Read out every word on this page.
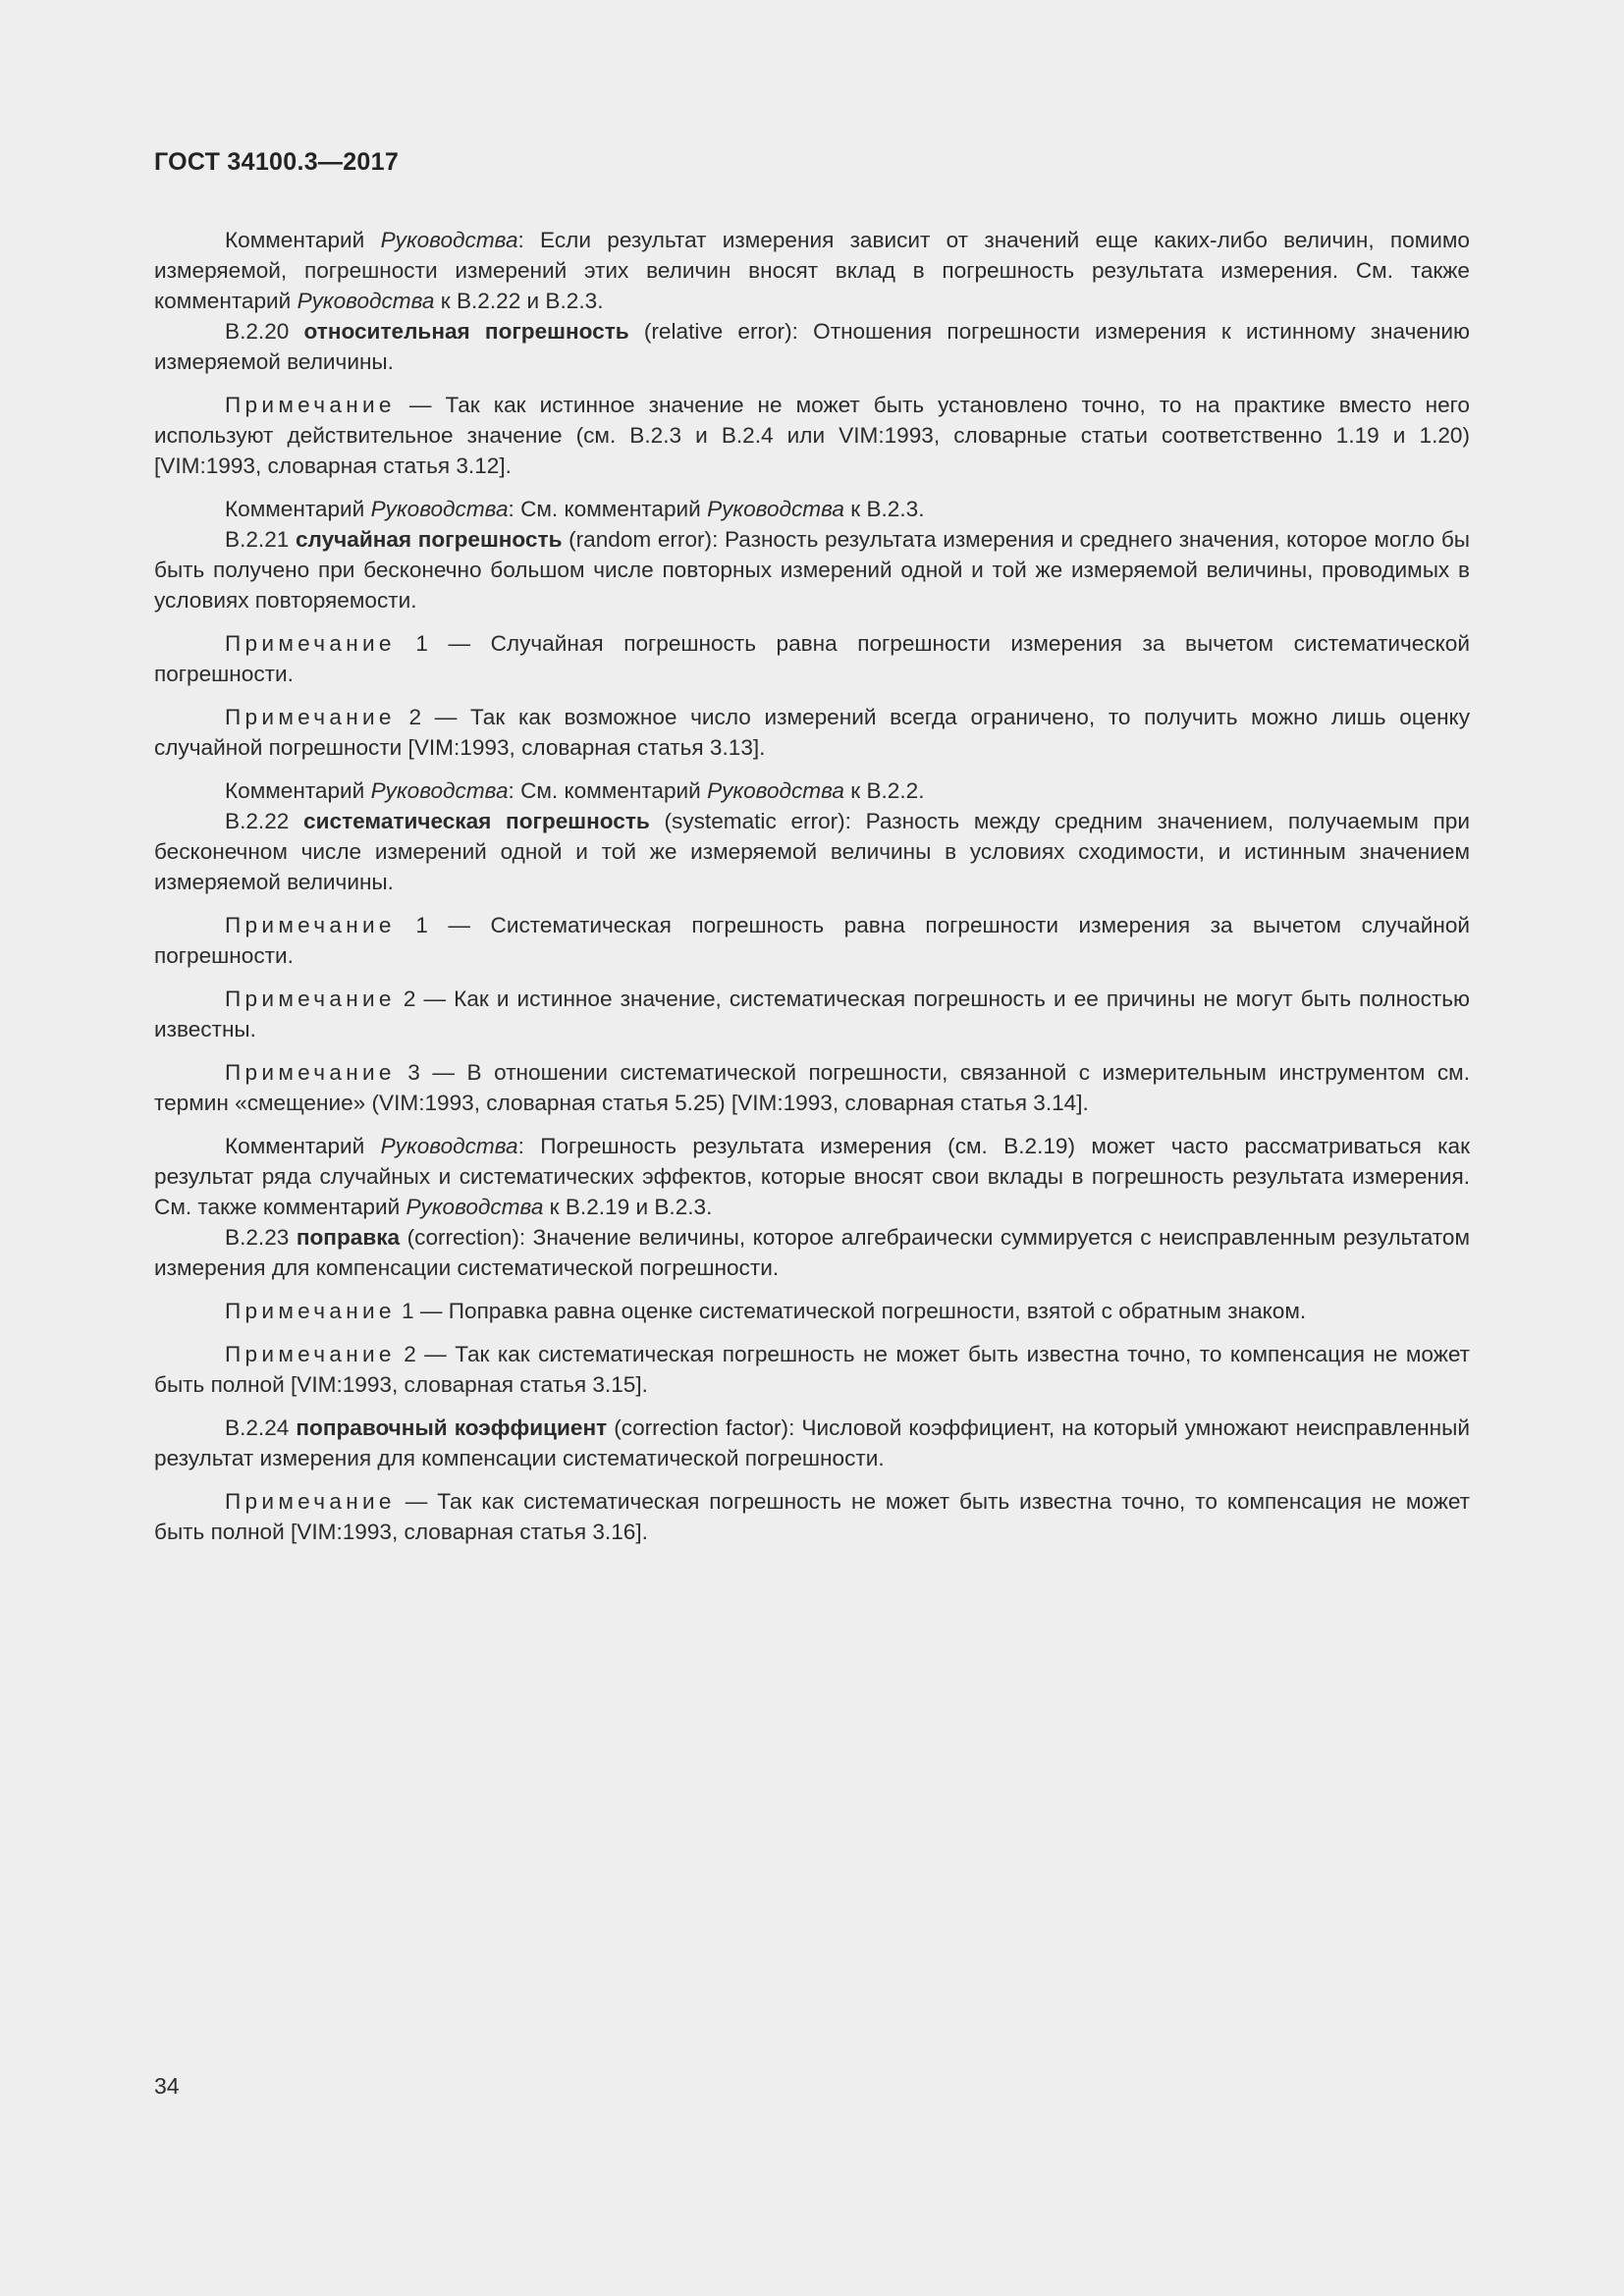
ГОСТ 34100.3—2017

Комментарий Руководства: Если результат измерения зависит от значений еще каких-либо величин, помимо измеряемой, погрешности измерений этих величин вносят вклад в погрешность результата измерения. См. также комментарий Руководства к В.2.22 и В.2.3.

В.2.20 относительная погрешность (relative error): Отношения погрешности измерения к истинному значению измеряемой величины.

Примечание — Так как истинное значение не может быть установлено точно, то на практике вместо него используют действительное значение (см. В.2.3 и В.2.4 или VIM:1993, словарные статьи соответственно 1.19 и 1.20) [VIM:1993, словарная статья 3.12].

Комментарий Руководства: См. комментарий Руководства к В.2.3.

В.2.21 случайная погрешность (random error): Разность результата измерения и среднего значения, которое могло бы быть получено при бесконечно большом числе повторных измерений одной и той же измеряемой величины, проводимых в условиях повторяемости.

Примечание 1 — Случайная погрешность равна погрешности измерения за вычетом систематической погрешности.

Примечание 2 — Так как возможное число измерений всегда ограничено, то получить можно лишь оценку случайной погрешности [VIM:1993, словарная статья 3.13].

Комментарий Руководства: См. комментарий Руководства к В.2.2.

В.2.22 систематическая погрешность (systematic error): Разность между средним значением, получаемым при бесконечном числе измерений одной и той же измеряемой величины в условиях сходимости, и истинным значением измеряемой величины.

Примечание 1 — Систематическая погрешность равна погрешности измерения за вычетом случайной погрешности.

Примечание 2 — Как и истинное значение, систематическая погрешность и ее причины не могут быть полностью известны.

Примечание 3 — В отношении систематической погрешности, связанной с измерительным инструментом см. термин «смещение» (VIM:1993, словарная статья 5.25) [VIM:1993, словарная статья 3.14].

Комментарий Руководства: Погрешность результата измерения (см. В.2.19) может часто рассматриваться как результат ряда случайных и систематических эффектов, которые вносят свои вклады в погрешность результата измерения. См. также комментарий Руководства к В.2.19 и В.2.3.

В.2.23 поправка (correction): Значение величины, которое алгебраически суммируется с неисправленным результатом измерения для компенсации систематической погрешности.

Примечание 1 — Поправка равна оценке систематической погрешности, взятой с обратным знаком.

Примечание 2 — Так как систематическая погрешность не может быть известна точно, то компенсация не может быть полной [VIM:1993, словарная статья 3.15].

В.2.24 поправочный коэффициент (correction factor): Числовой коэффициент, на который умножают неисправленный результат измерения для компенсации систематической погрешности.

Примечание — Так как систематическая погрешность не может быть известна точно, то компенсация не может быть полной [VIM:1993, словарная статья 3.16].

34
